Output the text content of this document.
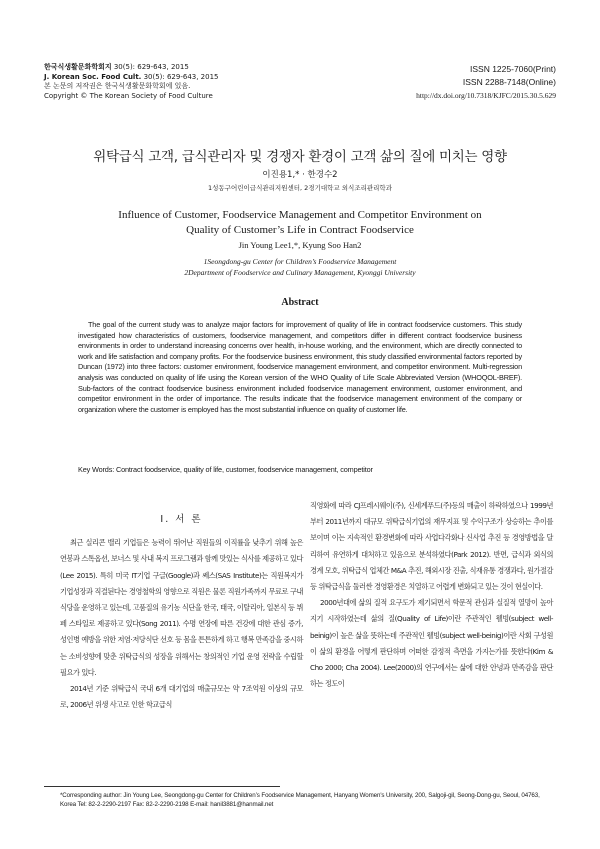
한국식생활문화학회지 30(5): 629-643, 2015
J. Korean Soc. Food Cult. 30(5): 629-643, 2015
본 논문의 저작권은 한국식생활문화학회에 있음.
Copyright © The Korean Society of Food Culture
ISSN 1225-7060(Print)
ISSN 2288-7148(Online)
http://dx.doi.org/10.7318/KJFC/2015.30.5.629
위탁급식 고객, 급식관리자 및 경쟁자 환경이 고객 삶의 질에 미치는 영향
이진용1,* · 한경수2
1성동구어린이급식관리지원센터, 2경기대학교 외식조리관리학과
Influence of Customer, Foodservice Management and Competitor Environment on
Quality of Customer’s Life in Contract Foodservice
Jin Young Lee1,*, Kyung Soo Han2
1Seongdong-gu Center for Children’s Foodservice Management
2Department of Foodservice and Culinary Management, Kyonggi University
Abstract
The goal of the current study was to analyze major factors for improvement of quality of life in contract foodservice customers. This study investigated how characteristics of customers, foodservice management, and competitors differ in different contract foodservice business environments in order to understand increasing concerns over health, in-house working, and the environment, which are directly connected to work and life satisfaction and company profits. For the foodservice business environment, this study classified environmental factors reported by Duncan (1972) into three factors: customer environment, foodservice management environment, and competitor environment. Multi-regression analysis was conducted on quality of life using the Korean version of the WHO Quality of Life Scale Abbreviated Version (WHOQOL-BREF). Sub-factors of the contract foodservice business environment included foodservice management environment, customer environment, and competitor environment in the order of importance. The results indicate that the foodservice management environment of the company or organization where the customer is employed has the most substantial influence on quality of customer life.
Key Words: Contract foodservice, quality of life, customer, foodservice management, competitor
I. 서 론

최근 실리콘 밸리 기업들은 능력이 뛰어난 직원들의 이직률을 낮추기 위해 높은 연봉과 스톡옵션, 보너스 및 사내 복지 프로그램과 함께 맛있는 식사를 제공하고 있다(Lee 2015). 특히 미국 IT기업 구글(Google)과 쎄스(SAS Institute)는 직원복지가 기업성장과 직결된다는 경영철학의 영향으로 직원은 물론 직원가족까지 무료로 구내식당을 운영하고 있는데, 고품질의 유기농 식단을 한국, 태국, 이탈리아, 일본식 등 뷔페 스타일로 제공하고 있다(Song 2011). 수명 연장에 따른 건강에 대한 관심 증가, 성인병 예방을 위한 저염·저당식단 선호 등 몸을 튼튼하게 하고 행복 만족감을 중시하는 소비성향에 맞춘 위탁급식의 성장을 위해서는 창의적인 기업 운영 전략을 수립할 필요가 있다.

2014년 기준 위탁급식 국내 6개 대기업의 매출규모는 약 7조억원 이상의 규모로, 2006년 위생 사고로 인한 학교급식

직영화에 따라 CJ프레시웨이(주), 신세계푸드(주)등의 매출이 하락하였으나 1999년부터 2011년까지 대규모 위탁급식기업의 재무지표 및 수익구조가 상승하는 추이를 보이며 이는 지속적인 환경변화에 따라 사업다각화나 신사업 추진 등 경영방법을 달리하여 유연하게 대처하고 있음으로 분석하였다(Park 2012). 반면, 급식과 외식의 경계 모호, 위탁급식 업체간 M&A 추진, 해외시장 진출, 식재유통 경쟁과다, 원가절감 등 위탁급식을 둘러싼 경영환경은 치열하고 어렵게 변화되고 있는 것이 현실이다.

2000년대에 삶의 질적 요구도가 제기되면서 학문적 관심과 실질적 열망이 높아지기 시작하였는데 삶의 질(Quality of Life)이란 주관적인 웰빙(subject well-beinig)이 높은 삶을 뜻하는데 주관적인 웰빙(subject well-beinig)이란 사회 구성원이 삶의 환경을 어떻게 판단하며 어떠한 감정적 측면을 가지는가를 뜻한다(Kim & Cho 2000; Cha 2004). Lee(2000)의 연구에서는 삶에 대한 안녕과 만족감을 판단하는 정도이

*Corresponding author: Jin Young Lee, Seongdong-gu Center for Children’s Foodservice Management, Hanyang Women's University, 200, Salgoji-gil, Seong-Dong-gu, Seoul, 04763, Korea Tel: 82-2-2290-2197 Fax: 82-2-2290-2198 E-mail: hanil3881@hanmail.net
